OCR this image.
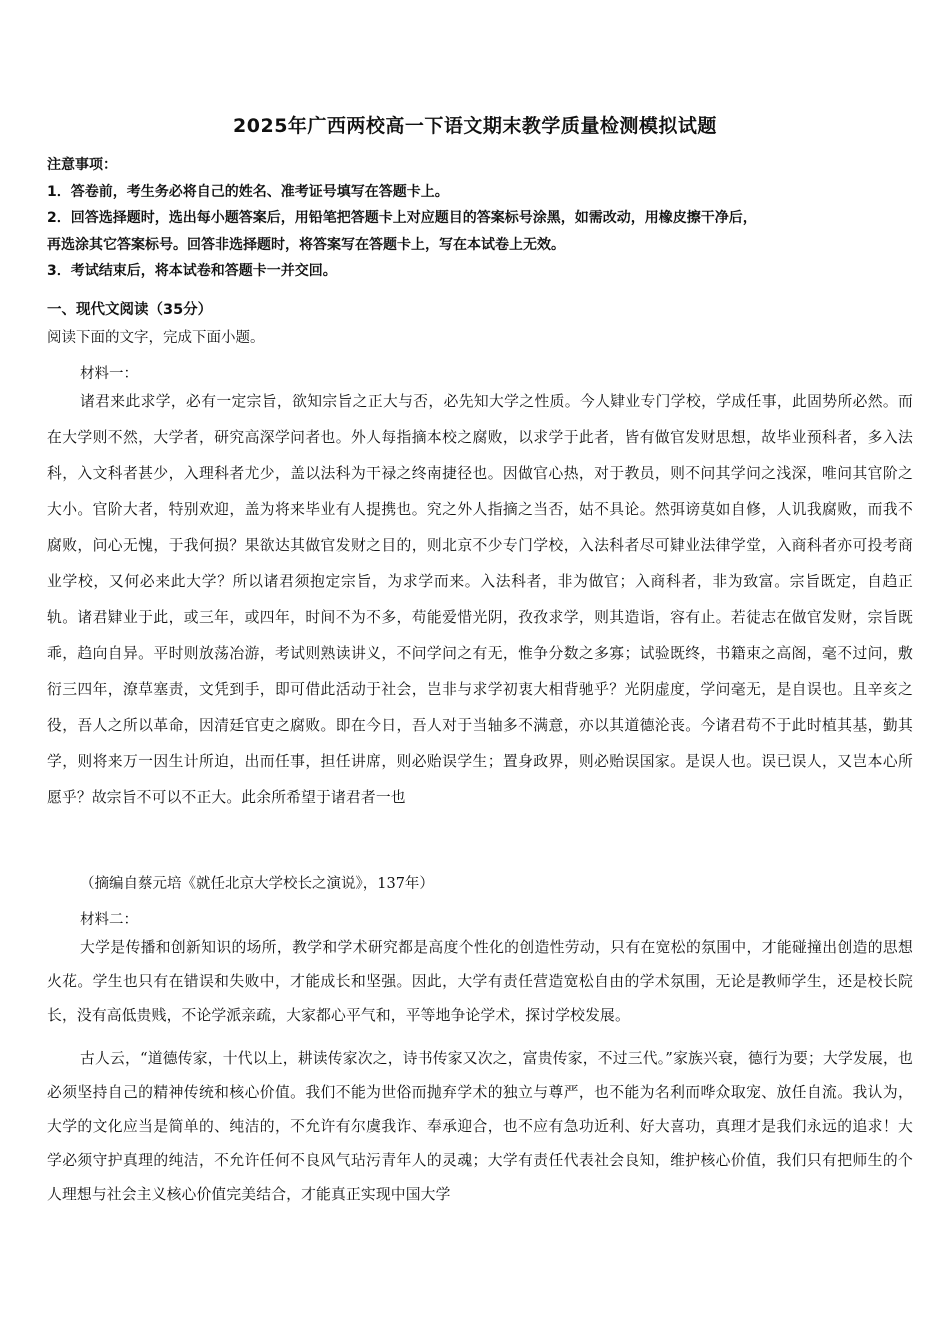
2025年广西两校高一下语文期末教学质量检测模拟试题
注意事项：
1．答卷前，考生务必将自己的姓名、准考证号填写在答题卡上。
2．回答选择题时，选出每小题答案后，用铅笔把答题卡上对应题目的答案标号涂黑，如需改动，用橡皮擦干净后，
再选涂其它答案标号。回答非选择题时，将答案写在答题卡上，写在本试卷上无效。
3．考试结束后，将本试卷和答题卡一并交回。
一、现代文阅读（35分）
阅读下面的文字，完成下面小题。
材料一：
诸君来此求学，必有一定宗旨，欲知宗旨之正大与否，必先知大学之性质。今人肄业专门学校，学成任事，此固势所必然。而在大学则不然，大学者，研究高深学问者也。外人每指摘本校之腐败，以求学于此者，皆有做官发财思想，故毕业预科者，多入法科，入文科者甚少，入理科者尤少，盖以法科为干禄之终南捷径也。因做官心热，对于教员，则不问其学问之浅深，唯问其官阶之大小。官阶大者，特别欢迎，盖为将来毕业有人提携也。究之外人指摘之当否，姑不具论。然弭谤莫如自修，人讥我腐败，而我不腐败，问心无愧，于我何损？果欲达其做官发财之目的，则北京不少专门学校，入法科者尽可肄业法律学堂，入商科者亦可投考商业学校，又何必来此大学？所以诸君须抱定宗旨，为求学而来。入法科者，非为做官；入商科者，非为致富。宗旨既定，自趋正轨。诸君肄业于此，或三年，或四年，时间不为不多，苟能爱惜光阴，孜孜求学，则其造诣，容有止。若徒志在做官发财，宗旨既乖，趋向自异。平时则放荡冶游，考试则熟读讲义，不问学问之有无，惟争分数之多寡；试验既终，书籍束之高阁，毫不过问，敷衍三四年，潦草塞责，文凭到手，即可借此活动于社会，岂非与求学初衷大相背驰乎？光阴虚度，学问毫无，是自误也。且辛亥之役，吾人之所以革命，因清廷官吏之腐败。即在今日，吾人对于当轴多不满意，亦以其道德沦丧。今诸君苟不于此时植其基，勤其学，则将来万一因生计所迫，出而任事，担任讲席，则必贻误学生；置身政界，则必贻误国家。是误人也。误已误人，又岂本心所愿乎？故宗旨不可以不正大。此余所希望于诸君者一也
（摘编自蔡元培《就任北京大学校长之演说》，137年）
材料二：
大学是传播和创新知识的场所，教学和学术研究都是高度个性化的创造性劳动，只有在宽松的氛围中，才能碰撞出创造的思想火花。学生也只有在错误和失败中，才能成长和坚强。因此，大学有责任营造宽松自由的学术氛围，无论是教师学生，还是校长院长，没有高低贵贱，不论学派亲疏，大家都心平气和，平等地争论学术，探讨学校发展。
古人云，“道德传家，十代以上，耕读传家次之，诗书传家又次之，富贵传家，不过三代。”家族兴衰，德行为要；大学发展，也必须坚持自己的精神传统和核心价值。我们不能为世俗而抛弃学术的独立与尊严，也不能为名利而哗众取宠、放任自流。我认为，大学的文化应当是简单的、纯洁的，不允许有尔虞我诈、奉承迎合，也不应有急功近利、好大喜功，真理才是我们永远的追求！大学必须守护真理的纯洁，不允许任何不良风气玷污青年人的灵魂；大学有责任代表社会良知，维护核心价值，我们只有把师生的个人理想与社会主义核心价值完美结合，才能真正实现中国大学
